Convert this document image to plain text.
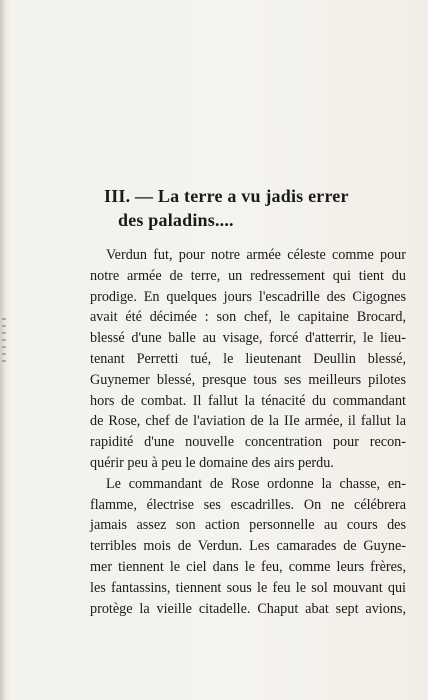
III. — La terre a vu jadis errer
des paladins....
Verdun fut, pour notre armée céleste comme pour
notre armée de terre, un redressement qui tient du
prodige. En quelques jours l'escadrille des Cigognes
avait été décimée : son chef, le capitaine Brocard,
blessé d'une balle au visage, forcé d'atterrir, le lieu-
tenant Perretti tué, le lieutenant Deullin blessé,
Guynemer blessé, presque tous ses meilleurs pilotes
hors de combat. Il fallut la ténacité du commandant
de Rose, chef de l'aviation de la IIe armée, il fallut la
rapidité d'une nouvelle concentration pour recon-
quérir peu à peu le domaine des airs perdu.
Le commandant de Rose ordonne la chasse, en-
flamme, électrise ses escadrilles. On ne célébrera
jamais assez son action personnelle au cours des
terribles mois de Verdun. Les camarades de Guyne-
mer tiennent le ciel dans le feu, comme leurs frères,
les fantassins, tiennent sous le feu le sol mouvant qui
protège la vieille citadelle. Chaput abat sept avions,
